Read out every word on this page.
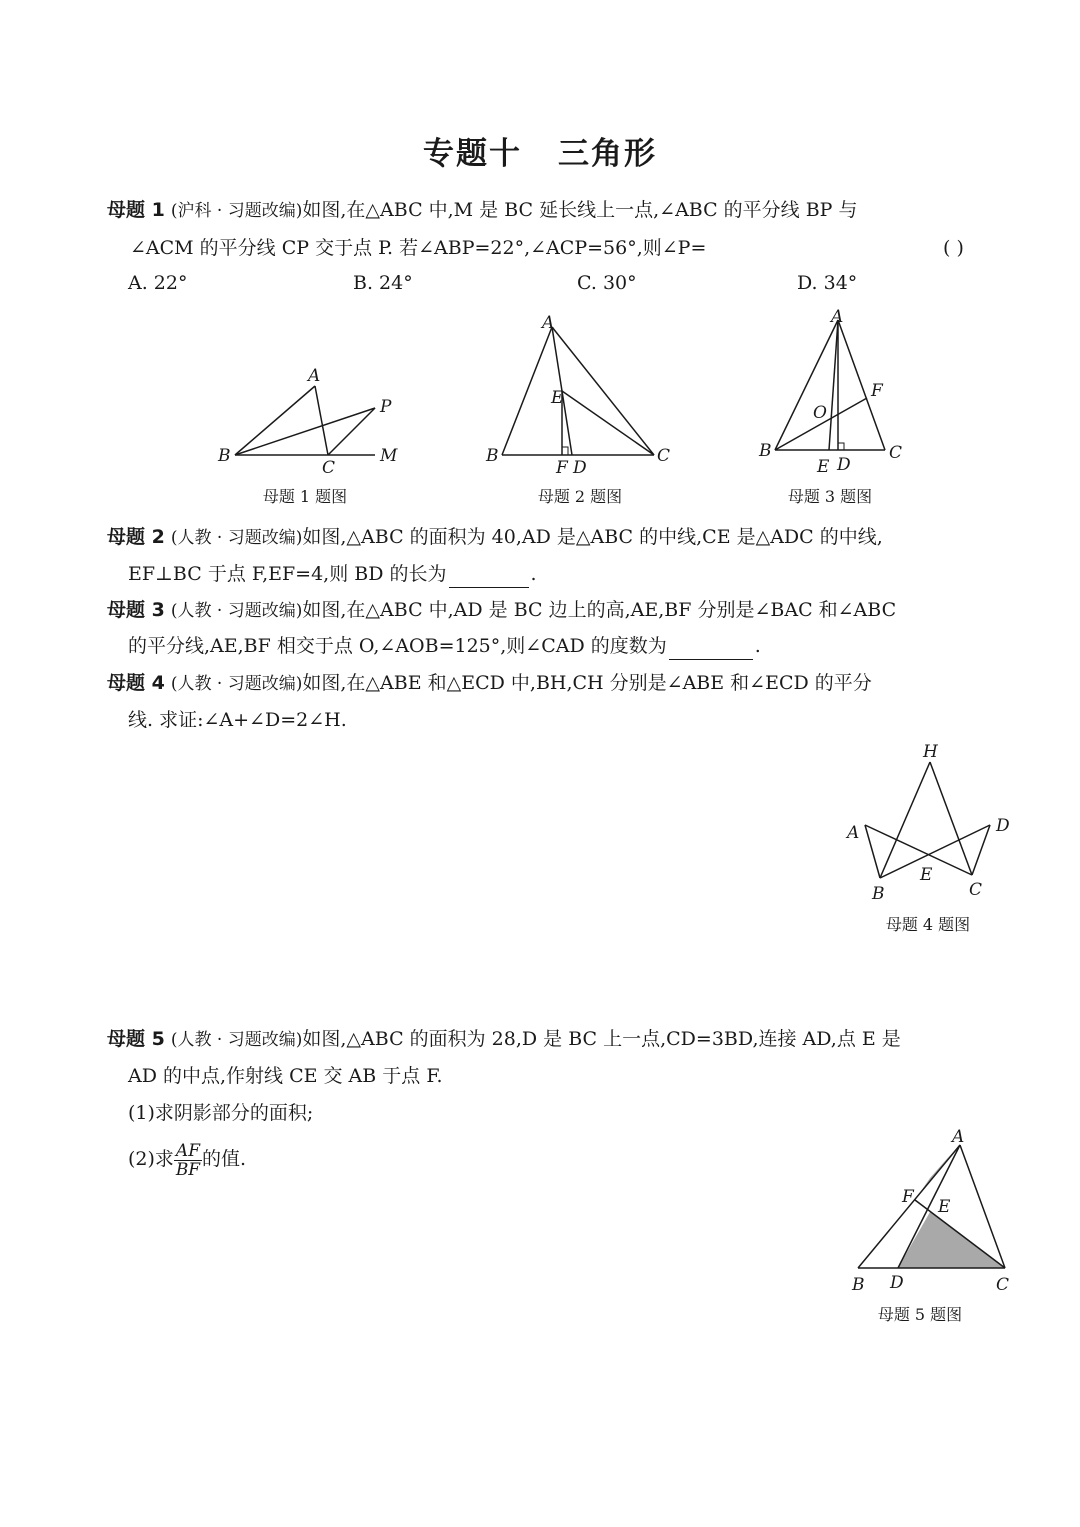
专题十 三角形
母题 1 (沪科 · 习题改编)如图,在△ABC 中,M 是 BC 延长线上一点,∠ABC 的平分线 BP 与
∠ACM 的平分线 CP 交于点 P. 若∠ABP=22°,∠ACP=56°,则∠P=	( )
A. 22°	B. 24°	C. 30°	D. 34°
A
P
B
C
M
母题 1 题图
A
E
B
F D
C
母题 2 题图
A
F
O
B
E D
C
母题 3 题图
母题 2 (人教 · 习题改编)如图,△ABC 的面积为 40,AD 是△ABC 的中线,CE 是△ADC 的中线,
EF⊥BC 于点 F,EF=4,则 BD 的长为	.
母题 3 (人教 · 习题改编)如图,在△ABC 中,AD 是 BC 边上的高,AE,BF 分别是∠BAC 和∠ABC
的平分线,AE,BF 相交于点 O,∠AOB=125°,则∠CAD 的度数为	.
母题 4 (人教 · 习题改编)如图,在△ABE 和△ECD 中,BH,CH 分别是∠ABE 和∠ECD 的平分
线. 求证:∠A+∠D=2∠H.
H
A	D
E
B	C
母题 4 题图
母题 5 (人教 · 习题改编)如图,△ABC 的面积为 28,D 是 BC 上一点,CD=3BD,连接 AD,点 E 是
AD 的中点,作射线 CE 交 AB 于点 F.
(1)求阴影部分的面积;
(2)求 $\frac{AF}{BF}$ 的值.
A
F E
B D	C
母题 5 题图
